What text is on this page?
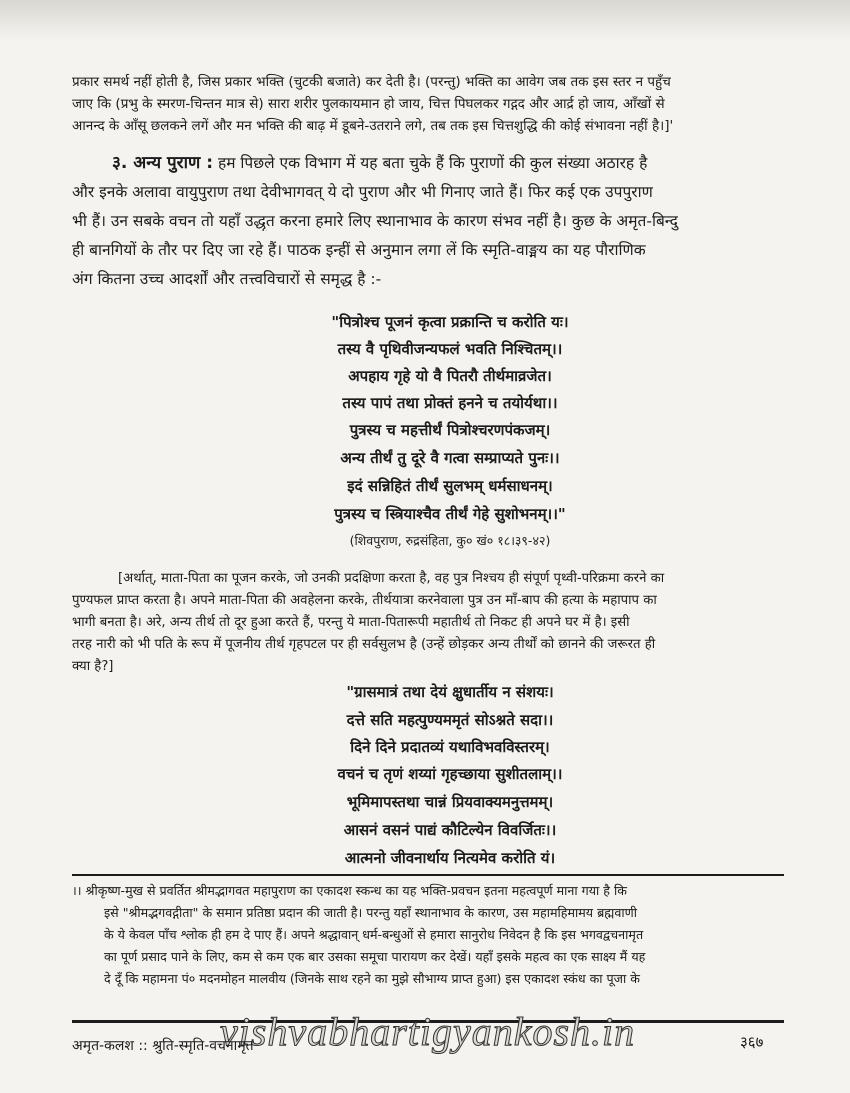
प्रकार समर्थ नहीं होती है, जिस प्रकार भक्ति (चुटकी बजाते) कर देती है। (परन्तु) भक्ति का आवेग जब तक इस स्तर न पहुँच
जाए कि (प्रभु के स्मरण-चिन्तन मात्र से) सारा शरीर पुलकायमान हो जाय, चित्त पिघलकर गद्गद और आर्द्र हो जाय, आँखों से
आनन्द के आँसू छलकने लगें और मन भक्ति की बाढ़ में डूबने-उतराने लगे, तब तक इस चित्तशुद्धि की कोई संभावना नहीं है।]'
३. अन्य पुराण : हम पिछले एक विभाग में यह बता चुके हैं कि पुराणों की कुल संख्या अठारह है
और इनके अलावा वायुपुराण तथा देवीभागवत् ये दो पुराण और भी गिनाए जाते हैं। फिर कई एक उपपुराण
भी हैं। उन सबके वचन तो यहाँ उद्धृत करना हमारे लिए स्थानाभाव के कारण संभव नहीं है। कुछ के अमृत-बिन्दु
ही बानगियों के तौर पर दिए जा रहे हैं। पाठक इन्हीं से अनुमान लगा लें कि स्मृति-वाङ्मय का यह पौराणिक
अंग कितना उच्च आदर्शों और तत्त्वविचारों से समृद्ध है :-
"पित्रोश्च पूजनं कृत्वा प्रक्रान्ति च करोति यः।
तस्य वै पृथिवीजन्यफलं भवति निश्चितम्।।
अपहाय गृहे यो वै पितरौ तीर्थमाव्रजेत।
तस्य पापं तथा प्रोक्तं हनने च तयोर्यथा।।
पुत्रस्य च महत्तीर्थं पित्रोश्चरणपंकजम्।
अन्य तीर्थं तु दूरे वै गत्वा सम्प्राप्यते पुनः।।
इदं सन्निहितं तीर्थं सुलभम् धर्मसाधनम्।
पुत्रस्य च स्त्रियाश्चैव तीर्थं गेहे सुशोभनम्।।"
(शिवपुराण, रुद्रसंहिता, कु० खं० १८।३९-४२)
[अर्थात्, माता-पिता का पूजन करके, जो उनकी प्रदक्षिणा करता है, वह पुत्र निश्चय ही संपूर्ण पृथ्वी-परिक्रमा करने का
पुण्यफल प्राप्त करता है। अपने माता-पिता की अवहेलना करके, तीर्थयात्रा करनेवाला पुत्र उन माँ-बाप की हत्या के महापाप का
भागी बनता है। अरे, अन्य तीर्थ तो दूर हुआ करते हैं, परन्तु ये माता-पितारूपी महातीर्थ तो निकट ही अपने घर में है। इसी
तरह नारी को भी पति के रूप में पूजनीय तीर्थ गृहपटल पर ही सर्वसुलभ है (उन्हें छोड़कर अन्य तीर्थों को छानने की जरूरत ही
क्या है?]
"ग्रासमात्रं तथा देयं क्षुधार्तीय न संशयः।
दत्ते सति महत्पुण्यममृतं सोऽश्नते सदा।।
दिने दिने प्रदातव्यं यथाविभवविस्तरम्।
वचनं च तृणं शय्यां गृहच्छाया सुशीतलाम्।।
भूमिमापस्तथा चान्नं प्रियवाक्यमनुत्तमम्।
आसनं वसनं पाद्यं कौटिल्येन विवर्जितः।।
आत्मनो जीवनार्थाय नित्यमेव करोति यं।
।। श्रीकृष्ण-मुख से प्रवर्तित श्रीमद्भागवत महापुराण का एकादश स्कन्ध का यह भक्ति-प्रवचन इतना महत्वपूर्ण माना गया है कि
इसे "श्रीमद्भगवद्गीता" के समान प्रतिष्ठा प्रदान की जाती है। परन्तु यहाँ स्थानाभाव के कारण, उस महामहिमामय ब्रह्मवाणी
के ये केवल पाँच श्लोक ही हम दे पाए हैं। अपने श्रद्धावान् धर्म-बन्धुओं से हमारा सानुरोध निवेदन है कि इस भगवद्वचनामृत
का पूर्ण प्रसाद पाने के लिए, कम से कम एक बार उसका समूचा पारायण कर देखें। यहाँ इसके महत्व का एक साक्ष्य मैं यह
दे दूँ कि महामना पं० मदनमोहन मालवीय (जिनके साथ रहने का मुझे सौभाग्य प्राप्त हुआ) इस एकादश स्कंध का पूजा के
vishvabhartigyankosh.in
अमृत-कलश :: श्रुति-स्मृति-वचनामृत	३६७
